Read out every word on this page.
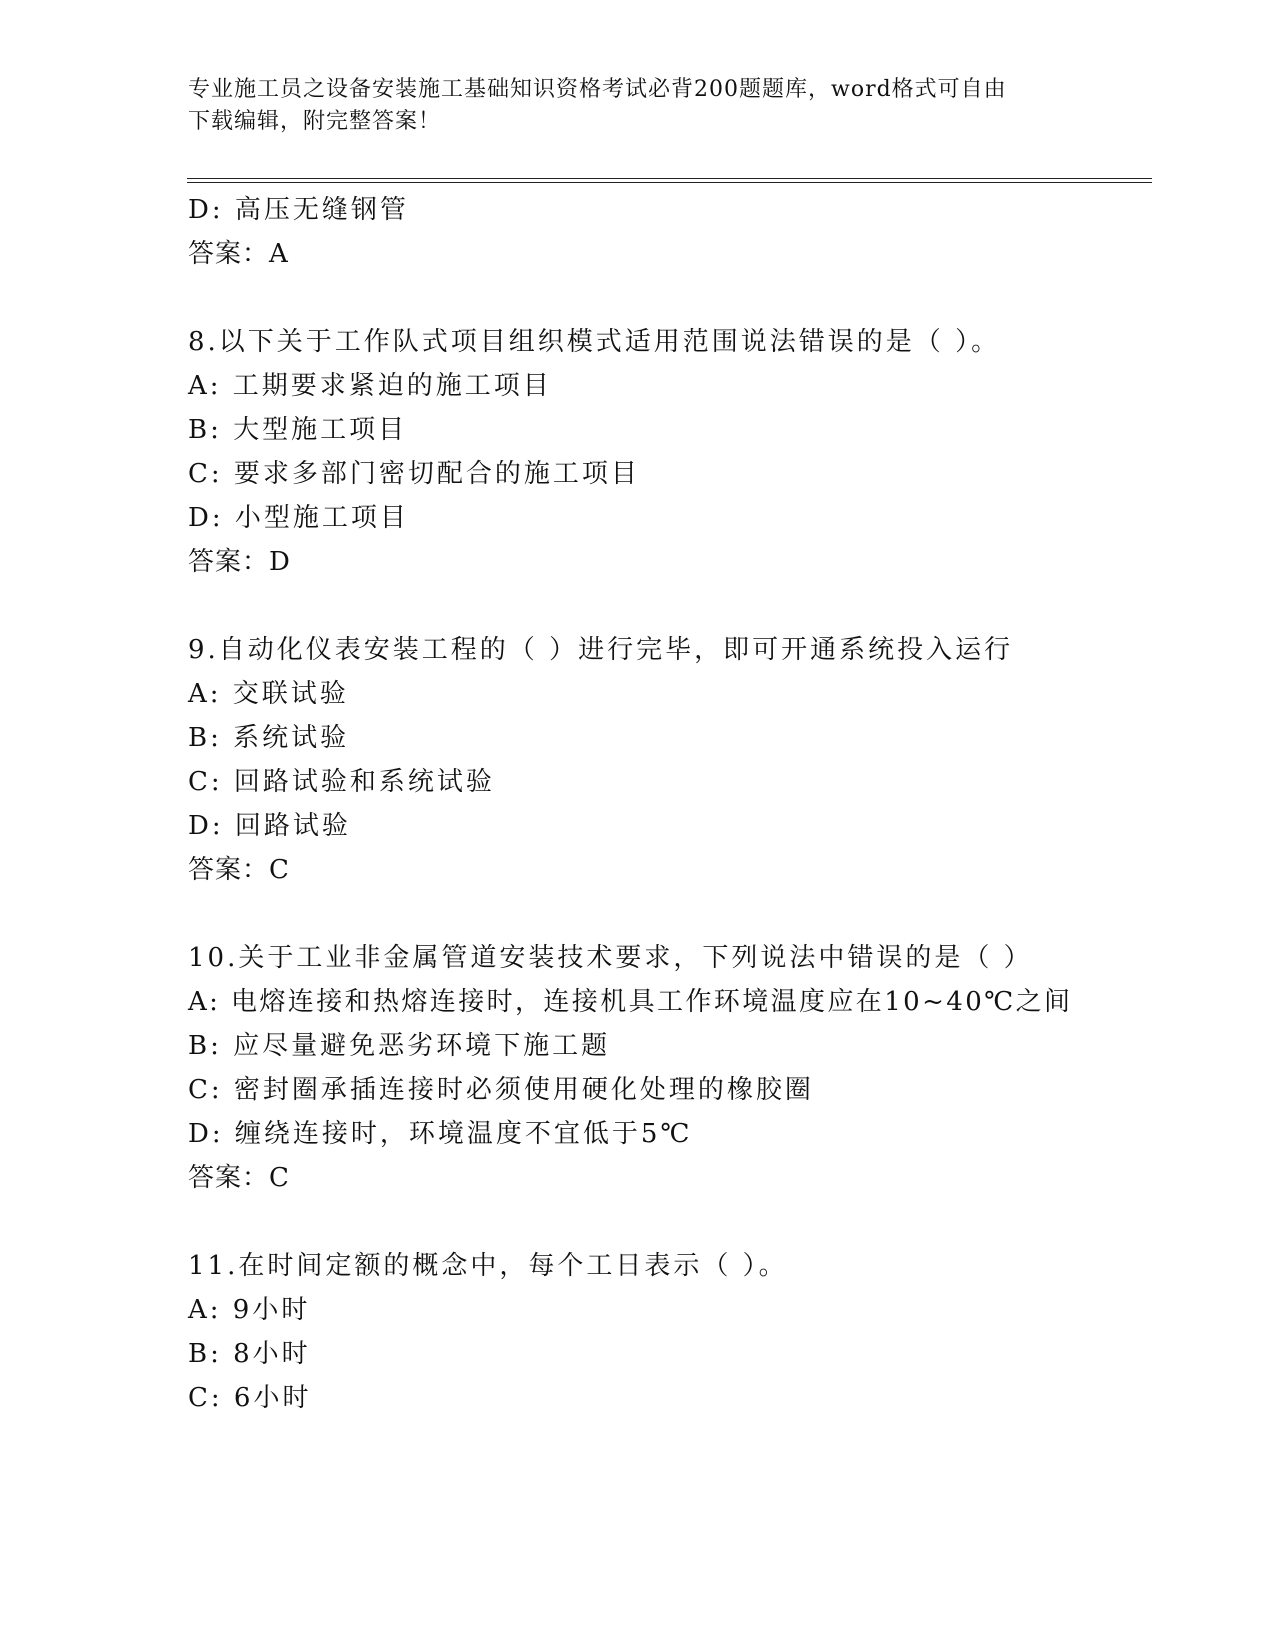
专业施工员之设备安装施工基础知识资格考试必背200题题库，word格式可自由
下载编辑，附完整答案！
D: 高压无缝钢管
答案：A
8.以下关于工作队式项目组织模式适用范围说法错误的是（ ）。
A: 工期要求紧迫的施工项目
B: 大型施工项目
C: 要求多部门密切配合的施工项目
D: 小型施工项目
答案：D
9.自动化仪表安装工程的（ ）进行完毕，即可开通系统投入运行
A: 交联试验
B: 系统试验
C: 回路试验和系统试验
D: 回路试验
答案：C
10.关于工业非金属管道安装技术要求，下列说法中错误的是（ ）
A: 电熔连接和热熔连接时，连接机具工作环境温度应在10~40℃之间
B: 应尽量避免恶劣环境下施工题
C: 密封圈承插连接时必须使用硬化处理的橡胶圈
D: 缠绕连接时，环境温度不宜低于5℃
答案：C
11.在时间定额的概念中，每个工日表示（ ）。
A: 9小时
B: 8小时
C: 6小时
